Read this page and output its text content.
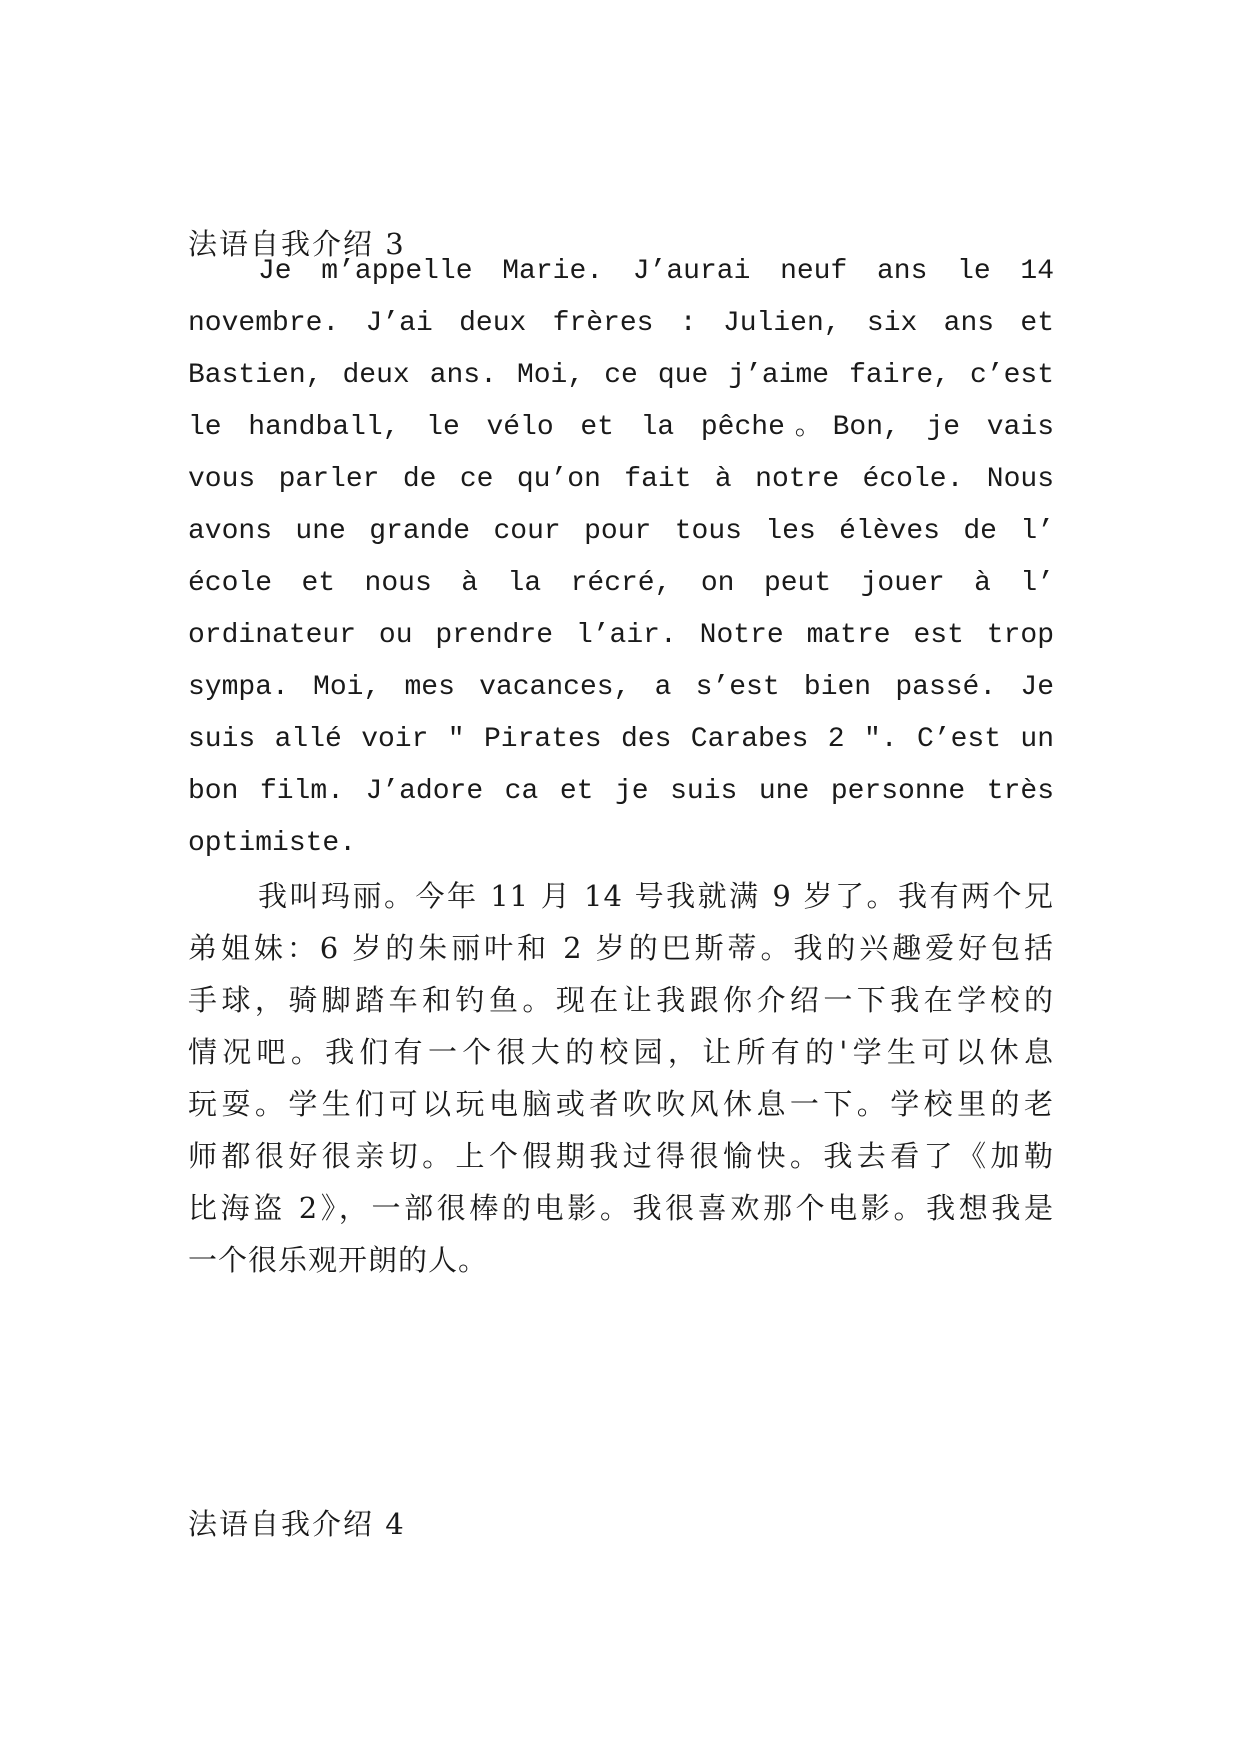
法语自我介绍 3
Je m’appelle Marie. J’aurai neuf ans le 14
novembre. J’ai deux frères : Julien, six ans et
Bastien, deux ans. Moi, ce que j’aime faire, c’est
le handball, le vélo et la pêche。Bon, je vais
vous parler de ce qu’on fait à notre école. Nous
avons une grande cour pour tous les élèves de l’
école et nous à la récré, on peut jouer à l’
ordinateur ou prendre l’air. Notre matre est trop
sympa. Moi, mes vacances, a s’est bien passé. Je
suis allé voir " Pirates des Carabes 2 ". C’est un
bon film. J’adore ca et je suis une personne très
optimiste.
我叫玛丽。今年 11 月 14 号我就满 9 岁了。我有两个兄
弟姐妹：6 岁的朱丽叶和 2 岁的巴斯蒂。我的兴趣爱好包括
手球，骑脚踏车和钓鱼。现在让我跟你介绍一下我在学校的
情况吧。我们有一个很大的校园，让所有的'学生可以休息
玩耍。学生们可以玩电脑或者吹吹风休息一下。学校里的老
师都很好很亲切。上个假期我过得很愉快。我去看了《加勒
比海盗 2》，一部很棒的电影。我很喜欢那个电影。我想我是
一个很乐观开朗的人。
法语自我介绍 4
